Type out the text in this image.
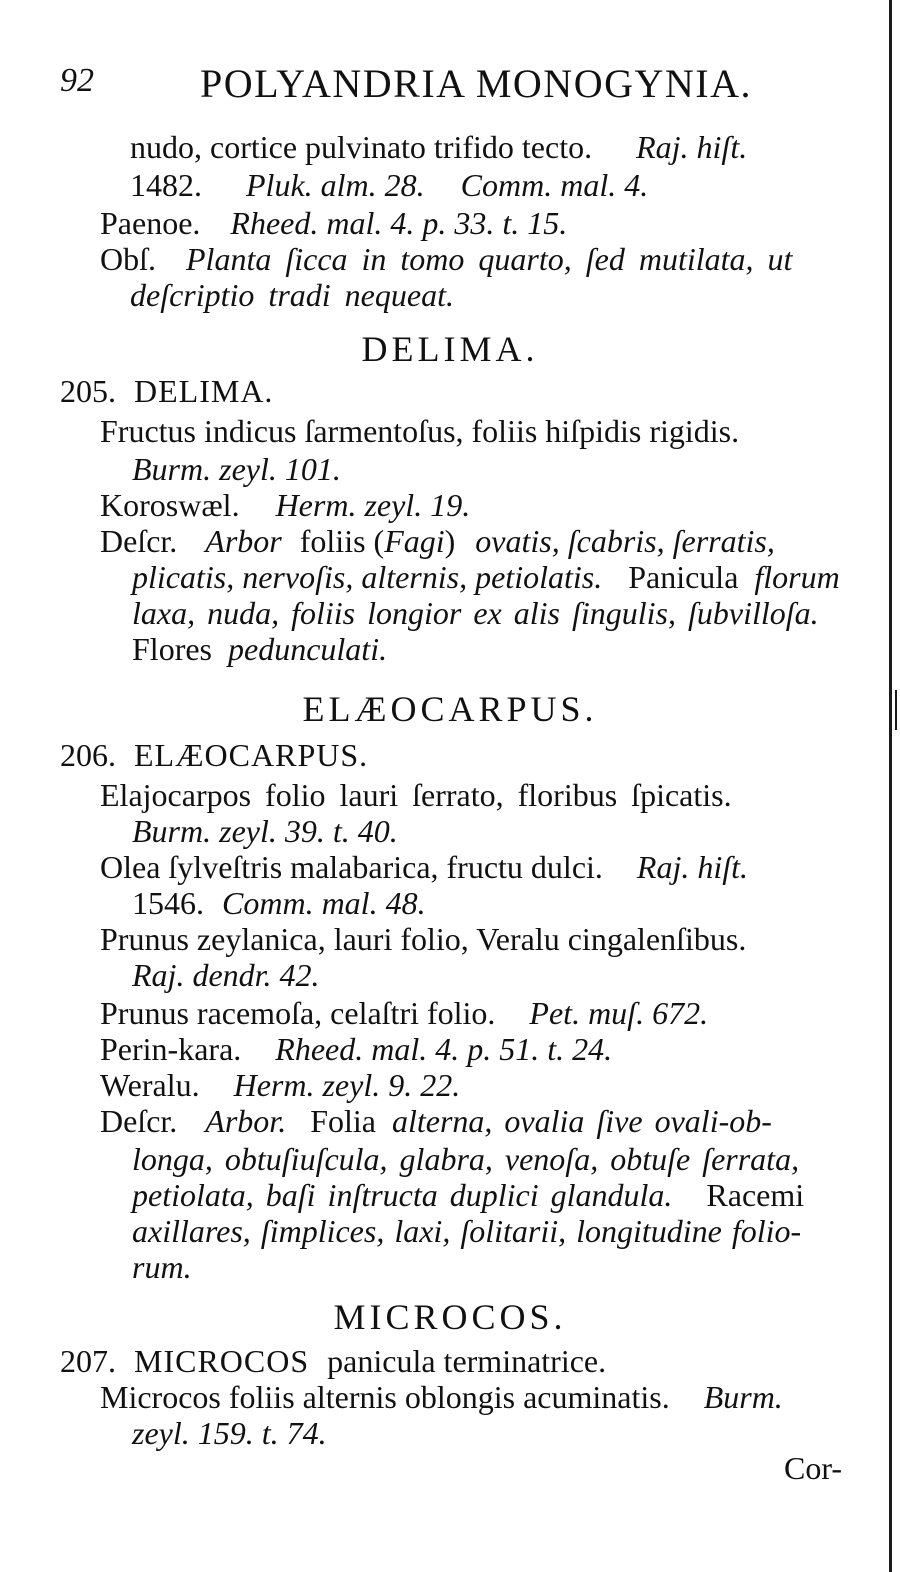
92	POLYANDRIA MONOGYNIA.
nudo, cortice pulvinato trifido tecto. Raj. hiſt.
1482. Pluk. alm. 28. Comm. mal. 4.
Paenoe. Rheed. mal. 4. p. 33. t. 15.
Obſ. Planta ſicca in tomo quarto, ſed mutilata, ut
deſcriptio tradi nequeat.
DELIMA.
205. DELIMA.
Fructus indicus ſarmentoſus, foliis hiſpidis rigidis.
Burm. zeyl. 101.
Koroswæl. Herm. zeyl. 19.
Deſcr. Arbor foliis (Fagi) ovatis, ſcabris, ſerratis,
plicatis, nervoſis, alternis, petiolatis. Panicula florum
laxa, nuda, foliis longior ex alis ſingulis, ſubvilloſa.
Flores pedunculati.
ELÆOCARPUS.
206. ELÆOCARPUS.
Elajocarpos folio lauri ſerrato, floribus ſpicatis.
Burm. zeyl. 39. t. 40.
Olea ſylveſtris malabarica, fructu dulci. Raj. hiſt.
1546. Comm. mal. 48.
Prunus zeylanica, lauri folio, Veralu cingalenſibus.
Raj. dendr. 42.
Prunus racemoſa, celaſtri folio. Pet. muſ. 672.
Perin-kara. Rheed. mal. 4. p. 51. t. 24.
Weralu. Herm. zeyl. 9. 22.
Deſcr. Arbor. Folia alterna, ovalia ſive ovali-ob-
longa, obtuſiuſcula, glabra, venoſa, obtuſe ſerrata,
petiolata, baſi inſtructa duplici glandula. Racemi
axillares, ſimplices, laxi, ſolitarii, longitudine folio-
rum.
MICROCOS.
207. MICROCOS panicula terminatrice.
Microcos foliis alternis oblongis acuminatis. Burm.
zeyl. 159. t. 74.
Cor-
